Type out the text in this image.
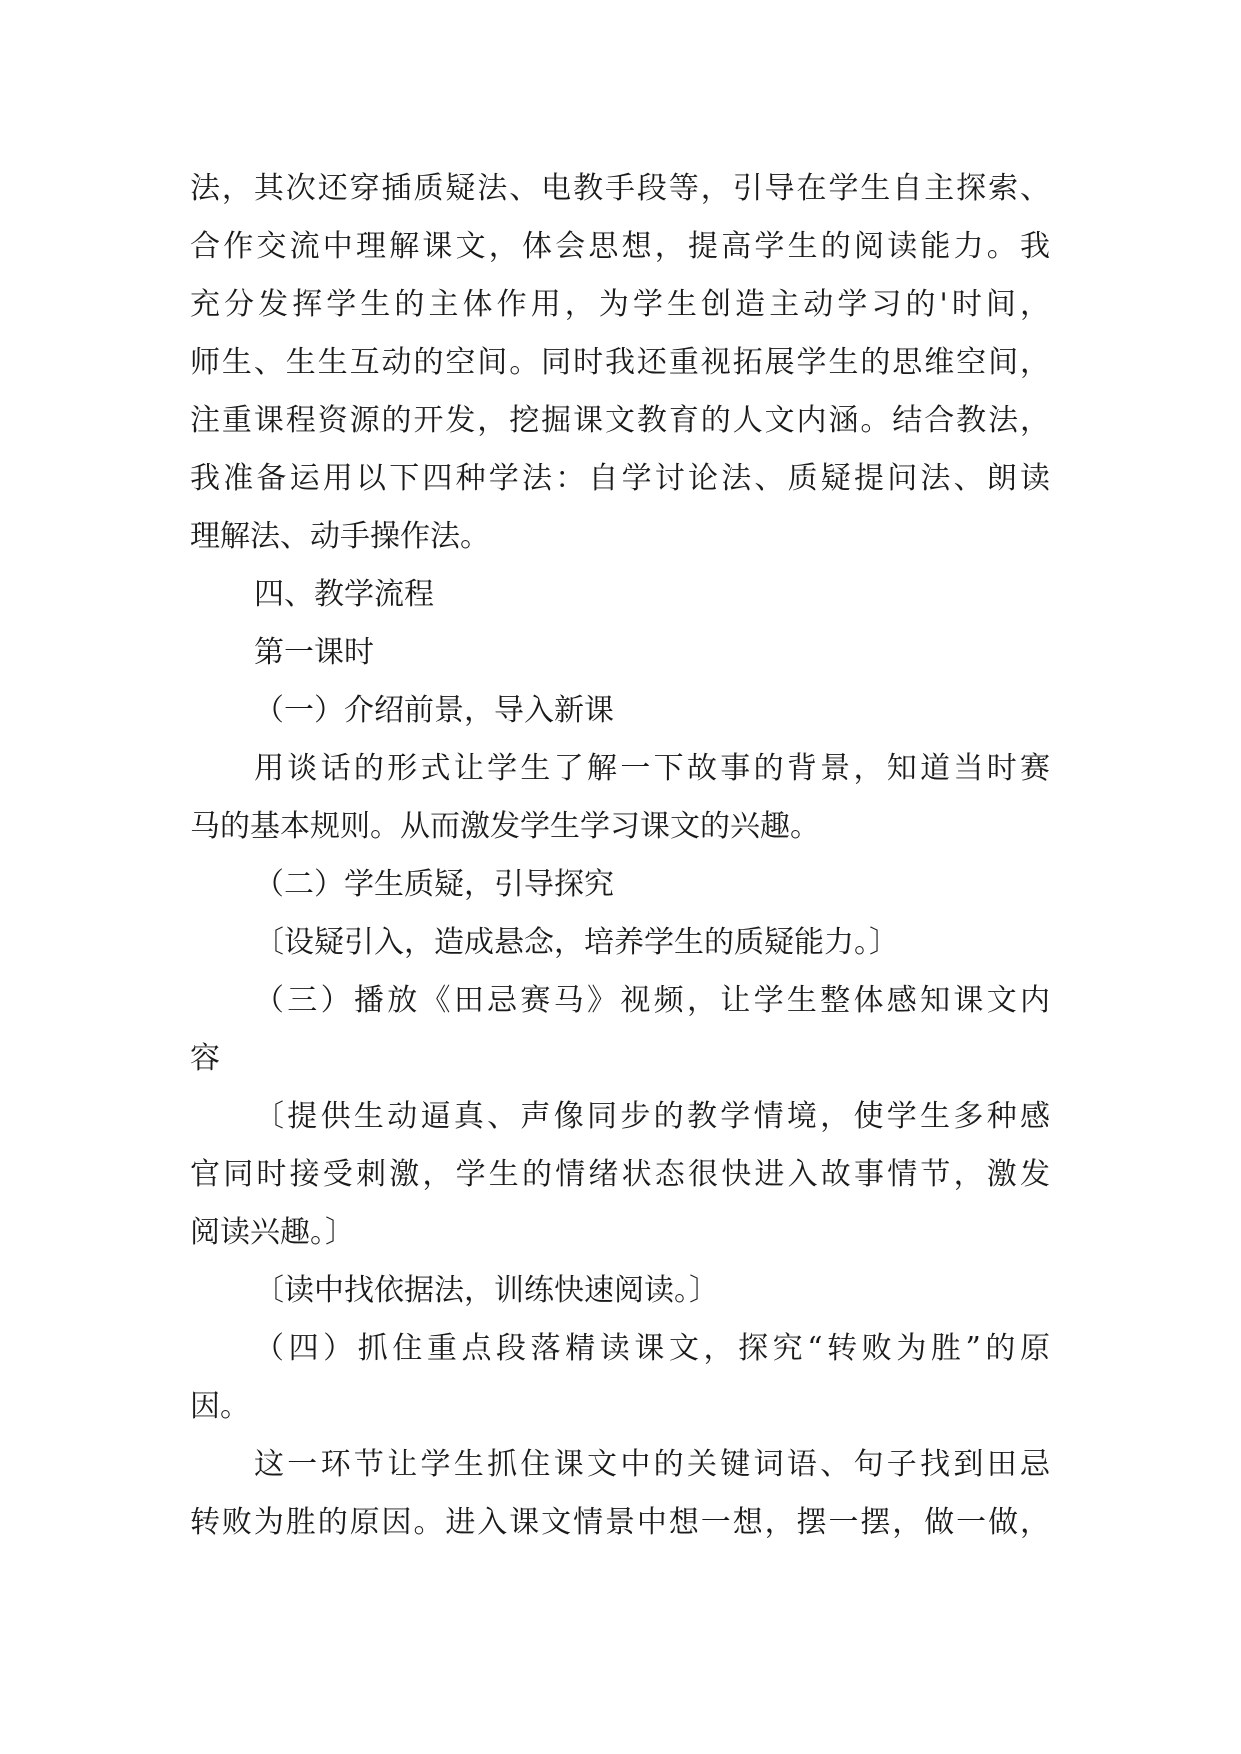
法，其次还穿插质疑法、电教手段等，引导在学生自主探索、
合作交流中理解课文，体会思想，提高学生的阅读能力。我
充分发挥学生的主体作用，为学生创造主动学习的'时间，
师生、生生互动的空间。同时我还重视拓展学生的思维空间，
注重课程资源的开发，挖掘课文教育的人文内涵。结合教法，
我准备运用以下四种学法：自学讨论法、质疑提问法、朗读
理解法、动手操作法。
四、教学流程
第一课时
（一）介绍前景，导入新课
用谈话的形式让学生了解一下故事的背景，知道当时赛
马的基本规则。从而激发学生学习课文的兴趣。
（二）学生质疑，引导探究
〔设疑引入，造成悬念，培养学生的质疑能力。〕
（三）播放《田忌赛马》视频，让学生整体感知课文内
容
〔提供生动逼真、声像同步的教学情境，使学生多种感
官同时接受刺激，学生的情绪状态很快进入故事情节，激发
阅读兴趣。〕
〔读中找依据法，训练快速阅读。〕
（四）抓住重点段落精读课文，探究“转败为胜”的原
因。
这一环节让学生抓住课文中的关键词语、句子找到田忌
转败为胜的原因。进入课文情景中想一想，摆一摆，做一做，
